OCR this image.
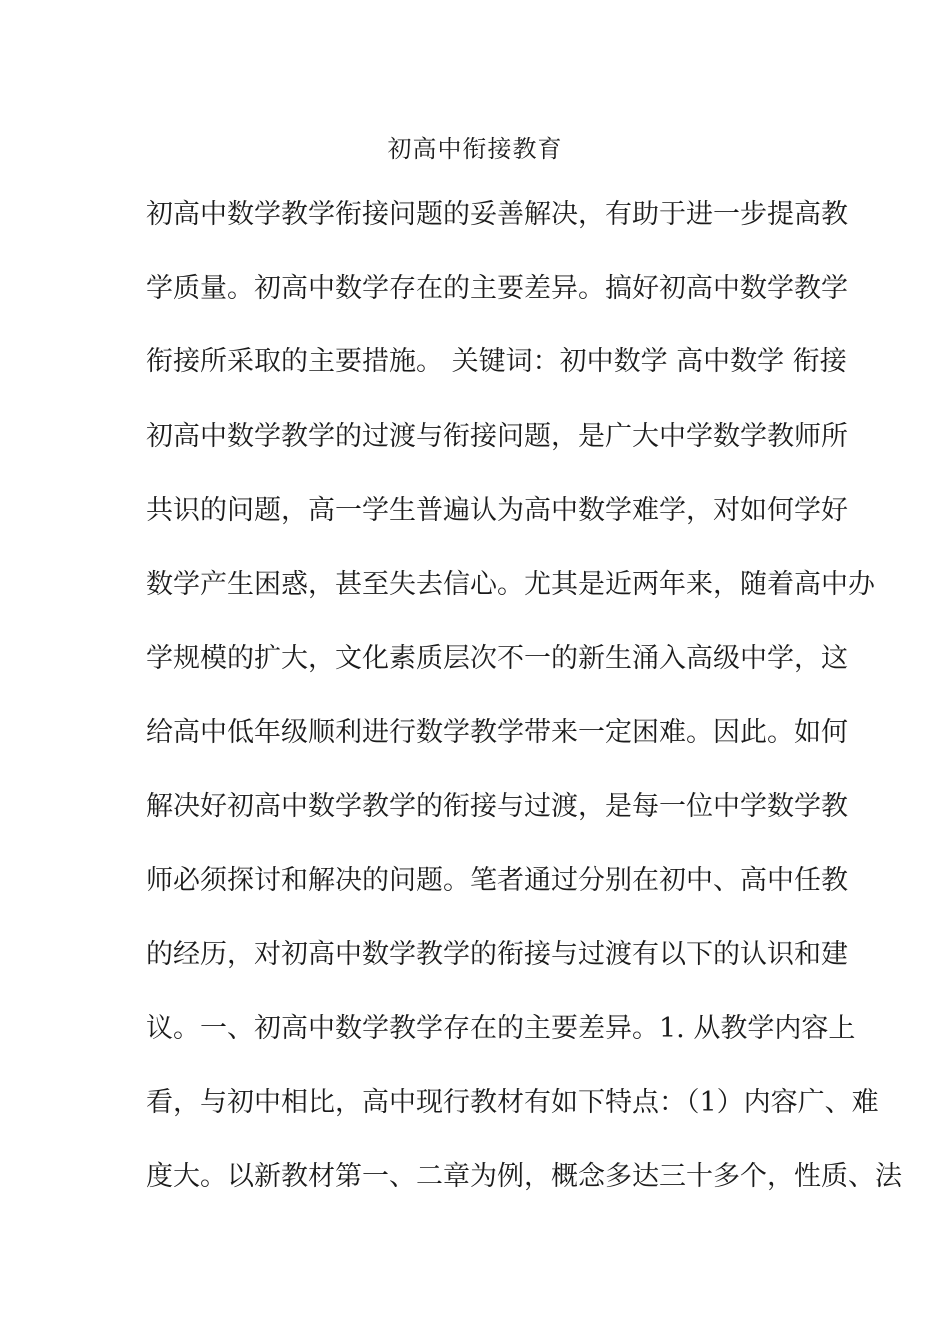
初高中衔接教育
初高中数学教学衔接问题的妥善解决，有助于进一步提高教
学质量。初高中数学存在的主要差异。搞好初高中数学教学
衔接所采取的主要措施。 关键词：初中数学 高中数学 衔接
初高中数学教学的过渡与衔接问题，是广大中学数学教师所
共识的问题，高一学生普遍认为高中数学难学，对如何学好
数学产生困惑，甚至失去信心。尤其是近两年来，随着高中办
学规模的扩大，文化素质层次不一的新生涌入高级中学，这
给高中低年级顺利进行数学教学带来一定困难。因此。如何
解决好初高中数学教学的衔接与过渡，是每一位中学数学教
师必须探讨和解决的问题。笔者通过分别在初中、高中任教
的经历，对初高中数学教学的衔接与过渡有以下的认识和建
议。一、初高中数学教学存在的主要差异。1. 从教学内容上
看，与初中相比，高中现行教材有如下特点：（1）内容广、难
度大。以新教材第一、二章为例，概念多达三十多个，性质、法
